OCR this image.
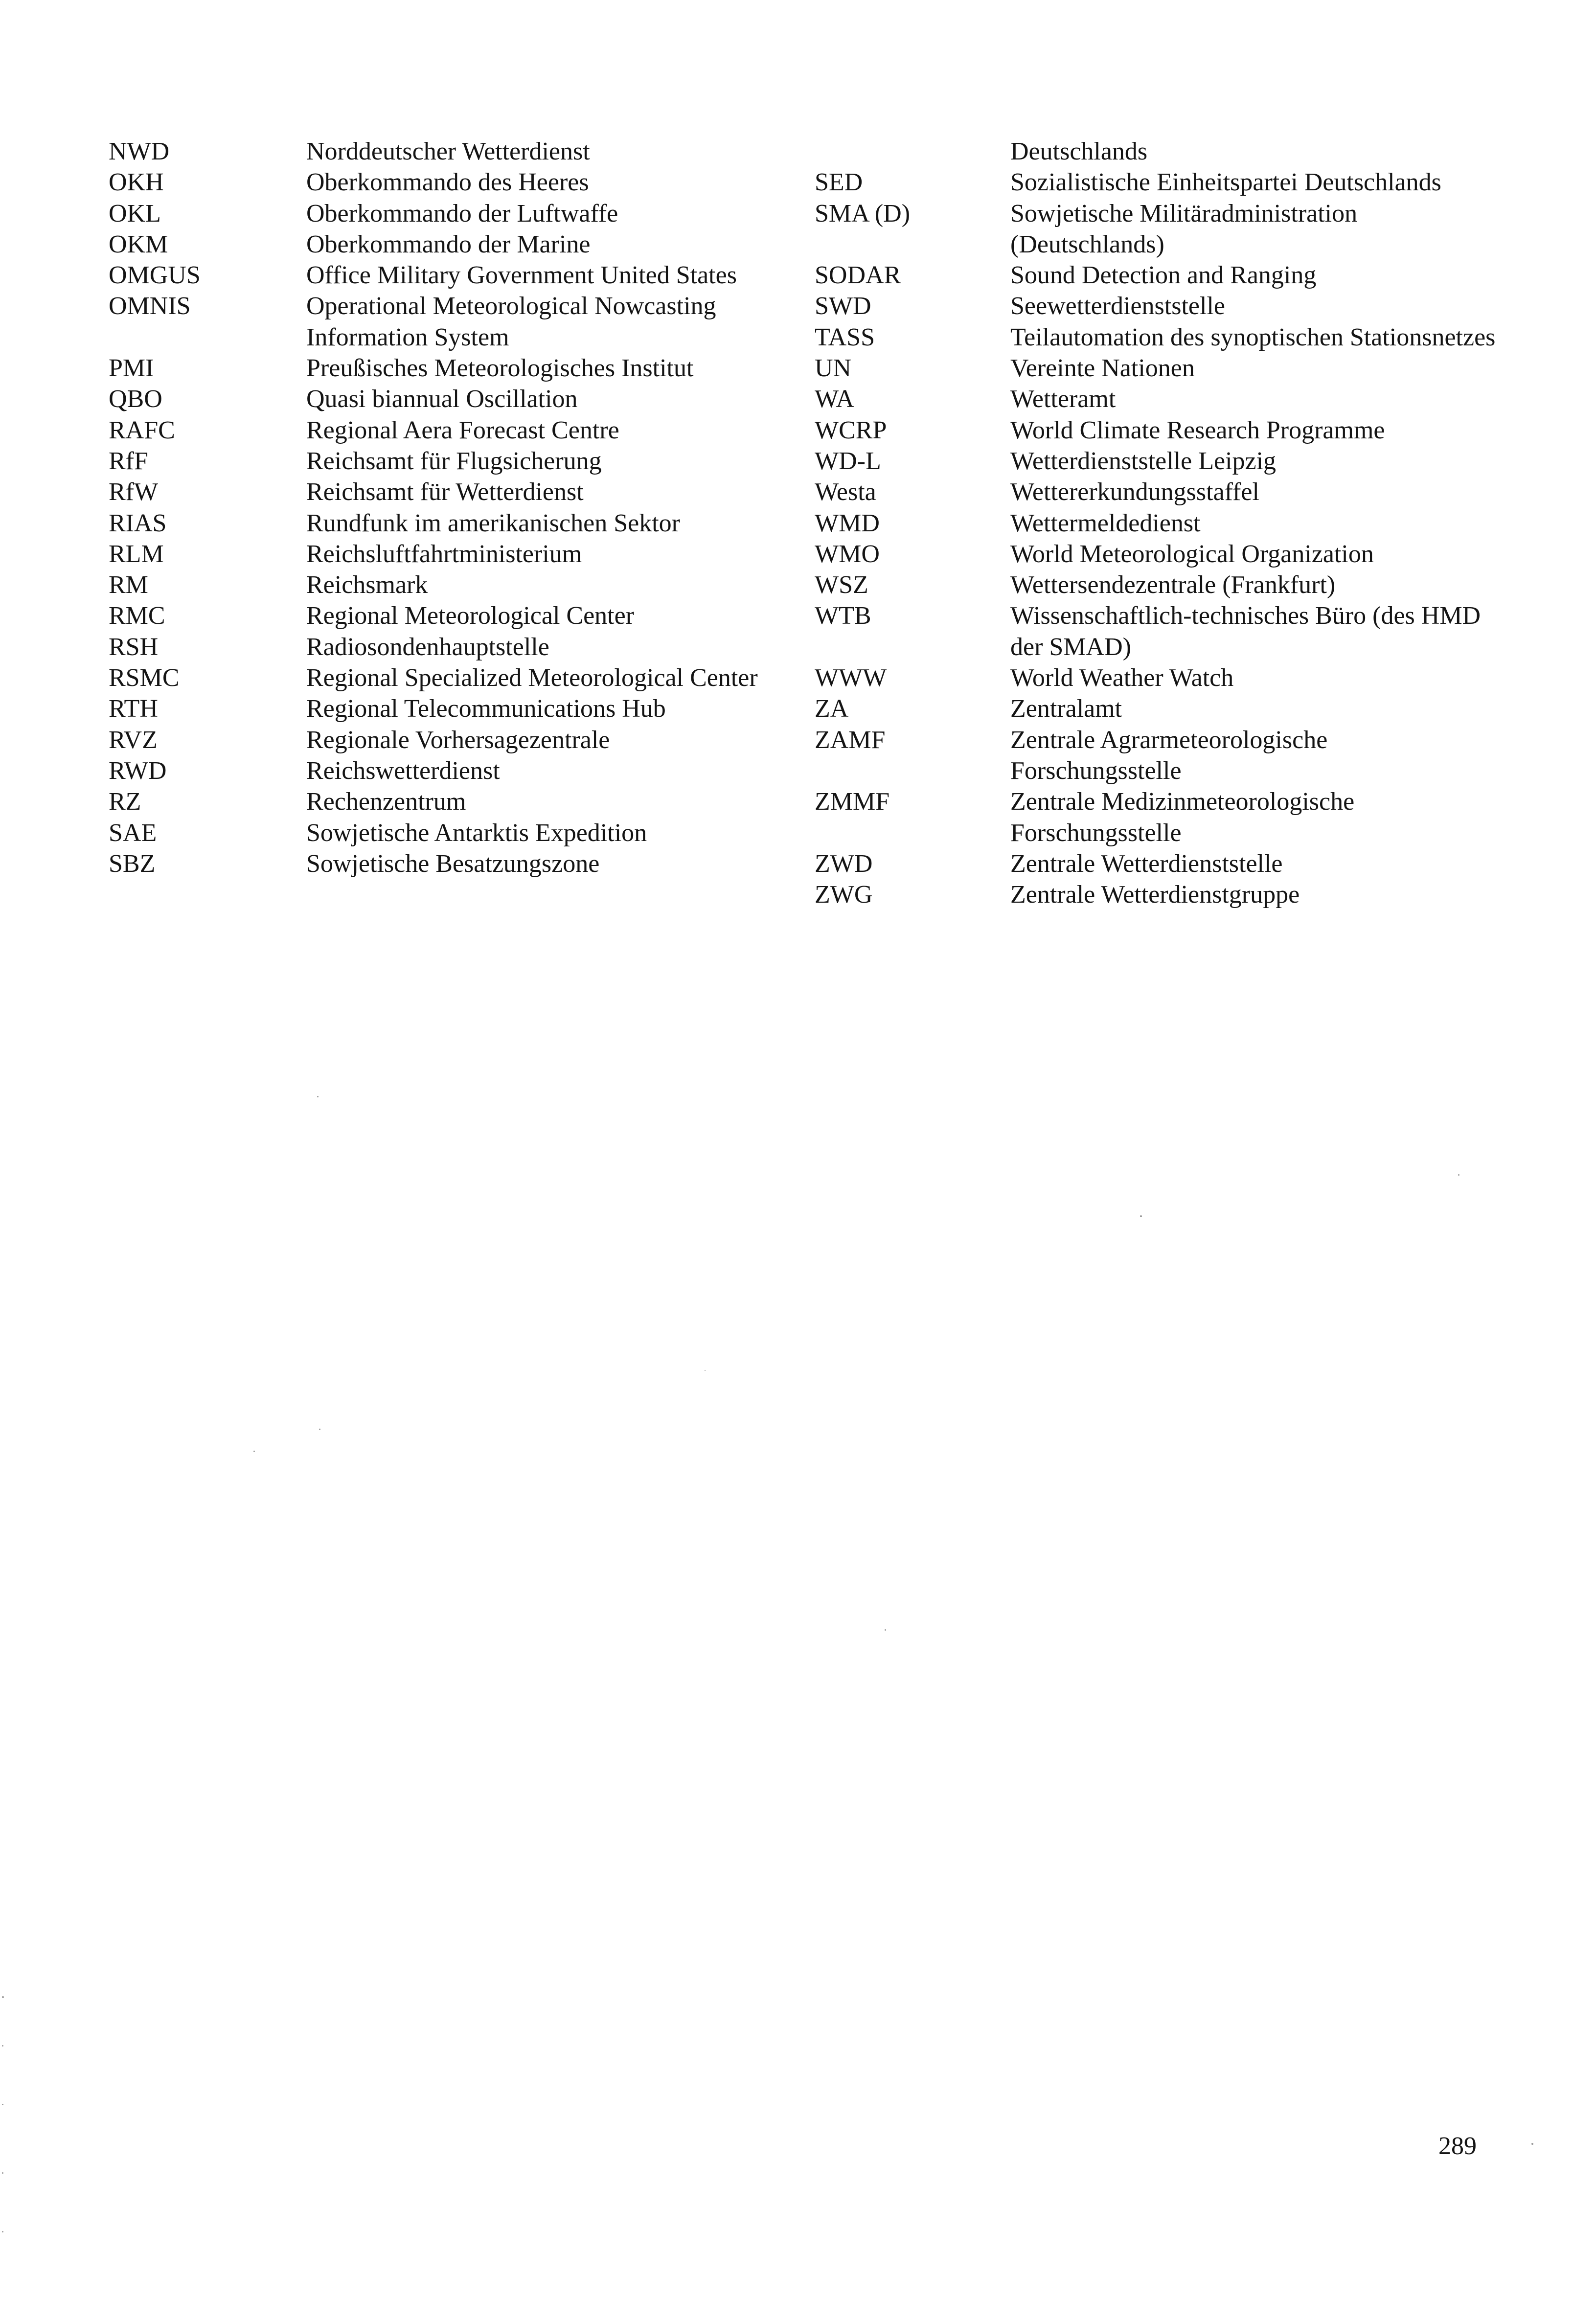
NWD	Norddeutscher Wetterdienst
OKH	Oberkommando des Heeres
OKL	Oberkommando der Luftwaffe
OKM	Oberkommando der Marine
OMGUS	Office Military Government United States
OMNIS	Operational Meteorological Nowcasting Information System
PMI	Preußisches Meteorologisches Institut
QBO	Quasi biannual Oscillation
RAFC	Regional Aera Forecast Centre
RfF	Reichsamt für Flugsicherung
RfW	Reichsamt für Wetterdienst
RIAS	Rundfunk im amerikanischen Sektor
RLM	Reichsluftfahrtministerium
RM	Reichsmark
RMC	Regional Meteorological Center
RSH	Radiosondenhauptstelle
RSMC	Regional Specialized Meteorological Center
RTH	Regional Telecommunications Hub
RVZ	Regionale Vorhersagezentrale
RWD	Reichswetterdienst
RZ	Rechenzentrum
SAE	Sowjetische Antarktis Expedition
SBZ	Sowjetische Besatzungszone
Deutschlands
SED	Sozialistische Einheitspartei Deutschlands
SMA (D)	Sowjetische Militäradministration (Deutschlands)
SODAR	Sound Detection and Ranging
SWD	Seewetterdienststelle
TASS	Teilautomation des synoptischen Stationsnetzes
UN	Vereinte Nationen
WA	Wetteramt
WCRP	World Climate Research Programme
WD-L	Wetterdienststelle Leipzig
Westa	Wettererkundungsstaffel
WMD	Wettermeldedienst
WMO	World Meteorological Organization
WSZ	Wettersendezentrale (Frankfurt)
WTB	Wissenschaftlich-technisches Büro (des HMD der SMAD)
WWW	World Weather Watch
ZA	Zentralamt
ZAMF	Zentrale Agrarmeteorologische Forschungsstelle
ZMMF	Zentrale Medizinmeteorologische Forschungsstelle
ZWD	Zentrale Wetterdienststelle
ZWG	Zentrale Wetterdienstgruppe
289
